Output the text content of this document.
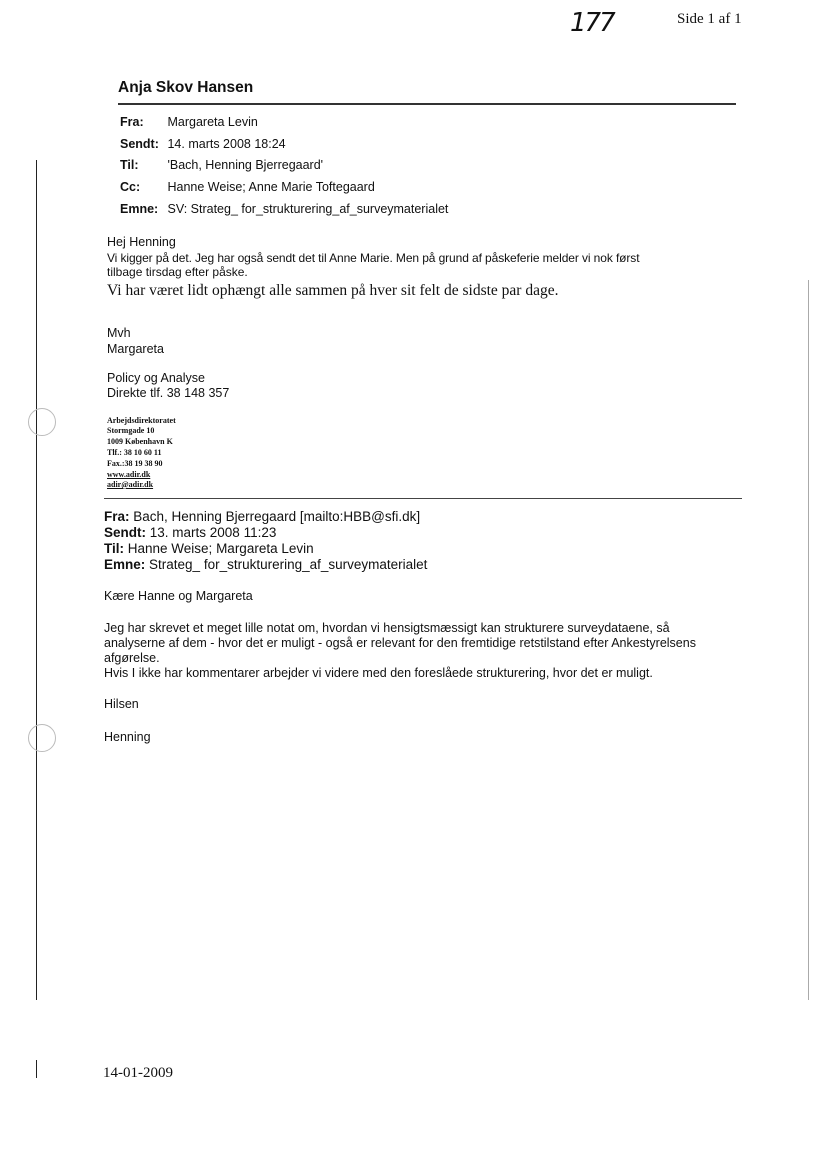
177	Side 1 af 1
Anja Skov Hansen
Fra: Margareta Levin
Sendt: 14. marts 2008 18:24
Til: 'Bach, Henning Bjerregaard'
Cc: Hanne Weise; Anne Marie Toftegaard
Emne: SV: Strateg_ for_strukturering_af_surveymaterialet
Hej Henning
Vi kigger på det. Jeg har også sendt det til Anne Marie. Men på grund af påskeferie melder vi nok først
tilbage tirsdag efter påske.
Vi har været lidt ophængt alle sammen på hver sit felt de sidste par dage.
Mvh
Margareta
Policy og Analyse
Direkte tlf. 38 148 357
Arbejdsdirektoratet
Stormgade 10
1009 København K
Tlf.: 38 10 60 11
Fax.:38 19 38 90
www.adir.dk
adir@adir.dk
Fra: Bach, Henning Bjerregaard [mailto:HBB@sfi.dk]
Sendt: 13. marts 2008 11:23
Til: Hanne Weise; Margareta Levin
Emne: Strateg_ for_strukturering_af_surveymaterialet
Kære Hanne og Margareta
Jeg har skrevet et meget lille notat om, hvordan vi hensigtsmæssigt kan strukturere surveydataene, så
analyserne af dem - hvor det er muligt - også er relevant for den fremtidige retstilstand efter Ankestyrelsens
afgørelse.
Hvis I ikke har kommentarer arbejder vi videre med den foreslåede strukturering, hvor det er muligt.
Hilsen
Henning
14-01-2009
